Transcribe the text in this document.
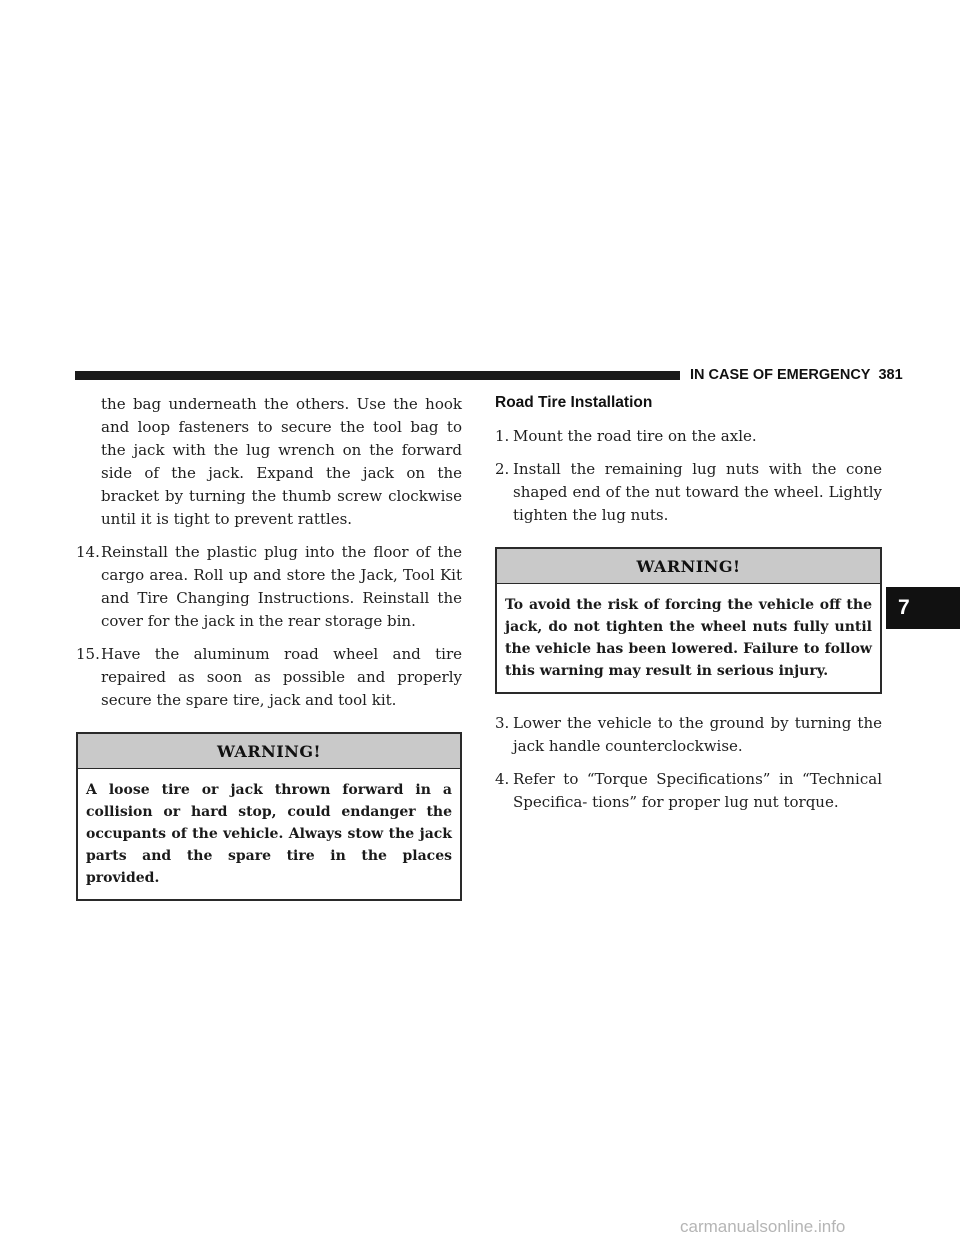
IN CASE OF EMERGENCY 381
7

the bag underneath the others. Use the hook and loop fasteners to secure the tool bag to the jack with the lug wrench on the forward side of the jack. Expand the jack on the bracket by turning the thumb screw clockwise until it is tight to prevent rattles.

14. Reinstall the plastic plug into the floor of the cargo area. Roll up and store the Jack, Tool Kit and Tire Changing Instructions. Reinstall the cover for the jack in the rear storage bin.
15. Have the aluminum road wheel and tire repaired as soon as possible and properly secure the spare tire, jack and tool kit.
WARNING!
A loose tire or jack thrown forward in a collision or hard stop, could endanger the occupants of the vehicle. Always stow the jack parts and the spare tire in the places provided.
Road Tire Installation
1. Mount the road tire on the axle.
2. Install the remaining lug nuts with the cone shaped end of the nut toward the wheel. Lightly tighten the lug nuts.
WARNING!
To avoid the risk of forcing the vehicle off the jack, do not tighten the wheel nuts fully until the vehicle has been lowered. Failure to follow this warning may result in serious injury.
3. Lower the vehicle to the ground by turning the jack handle counterclockwise.
4. Refer to “Torque Specifications” in “Technical Specifica- tions” for proper lug nut torque.
carmanualsonline.info
